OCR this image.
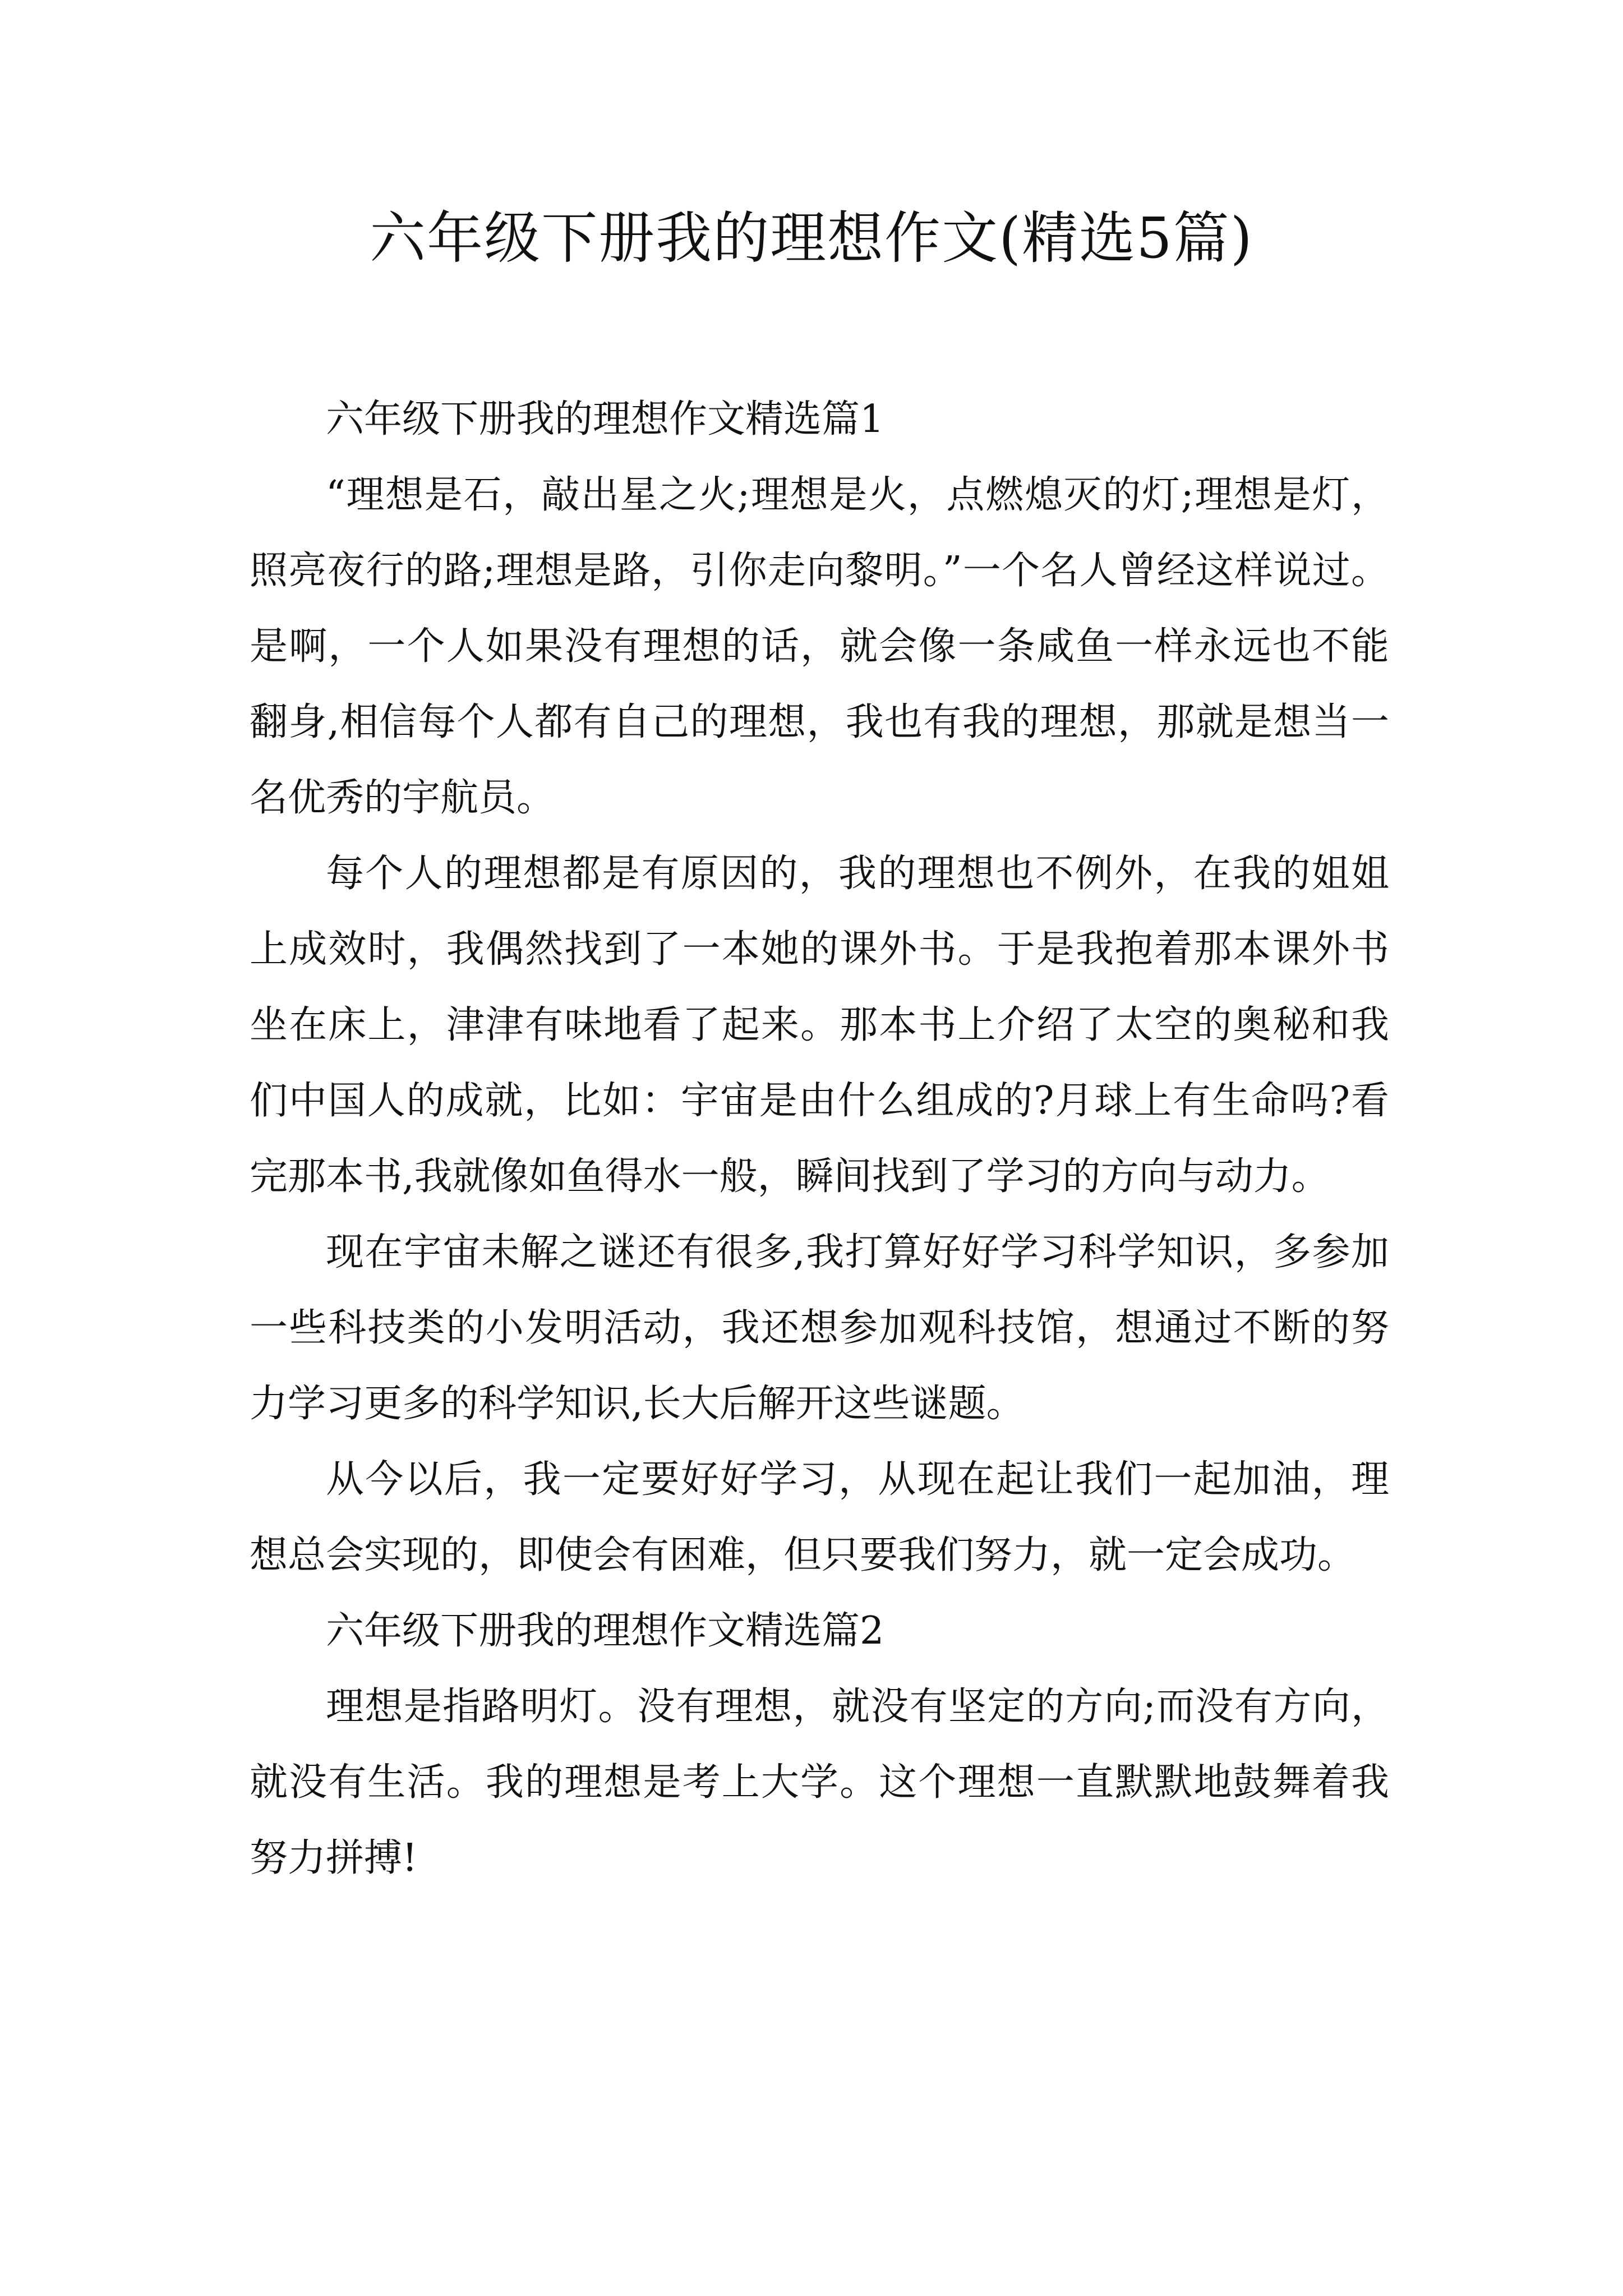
六年级下册我的理想作文(精选5篇)

六年级下册我的理想作文精选篇1

“理想是石，敲出星之火;理想是火，点燃熄灭的灯;理想是灯，照亮夜行的路;理想是路，引你走向黎明。”一个名人曾经这样说过。是啊，一个人如果没有理想的话，就会像一条咸鱼一样永远也不能翻身,相信每个人都有自己的理想，我也有我的理想，那就是想当一名优秀的宇航员。

每个人的理想都是有原因的，我的理想也不例外，在我的姐姐上成效时，我偶然找到了一本她的课外书。于是我抱着那本课外书坐在床上，津津有味地看了起来。那本书上介绍了太空的奥秘和我们中国人的成就，比如：宇宙是由什么组成的?月球上有生命吗?看完那本书,我就像如鱼得水一般，瞬间找到了学习的方向与动力。

现在宇宙未解之谜还有很多,我打算好好学习科学知识，多参加一些科技类的小发明活动，我还想参加观科技馆，想通过不断的努力学习更多的科学知识,长大后解开这些谜题。

从今以后，我一定要好好学习，从现在起让我们一起加油，理想总会实现的，即使会有困难，但只要我们努力，就一定会成功。

六年级下册我的理想作文精选篇2

理想是指路明灯。没有理想，就没有坚定的方向;而没有方向，就没有生活。我的理想是考上大学。这个理想一直默默地鼓舞着我努力拼搏!
